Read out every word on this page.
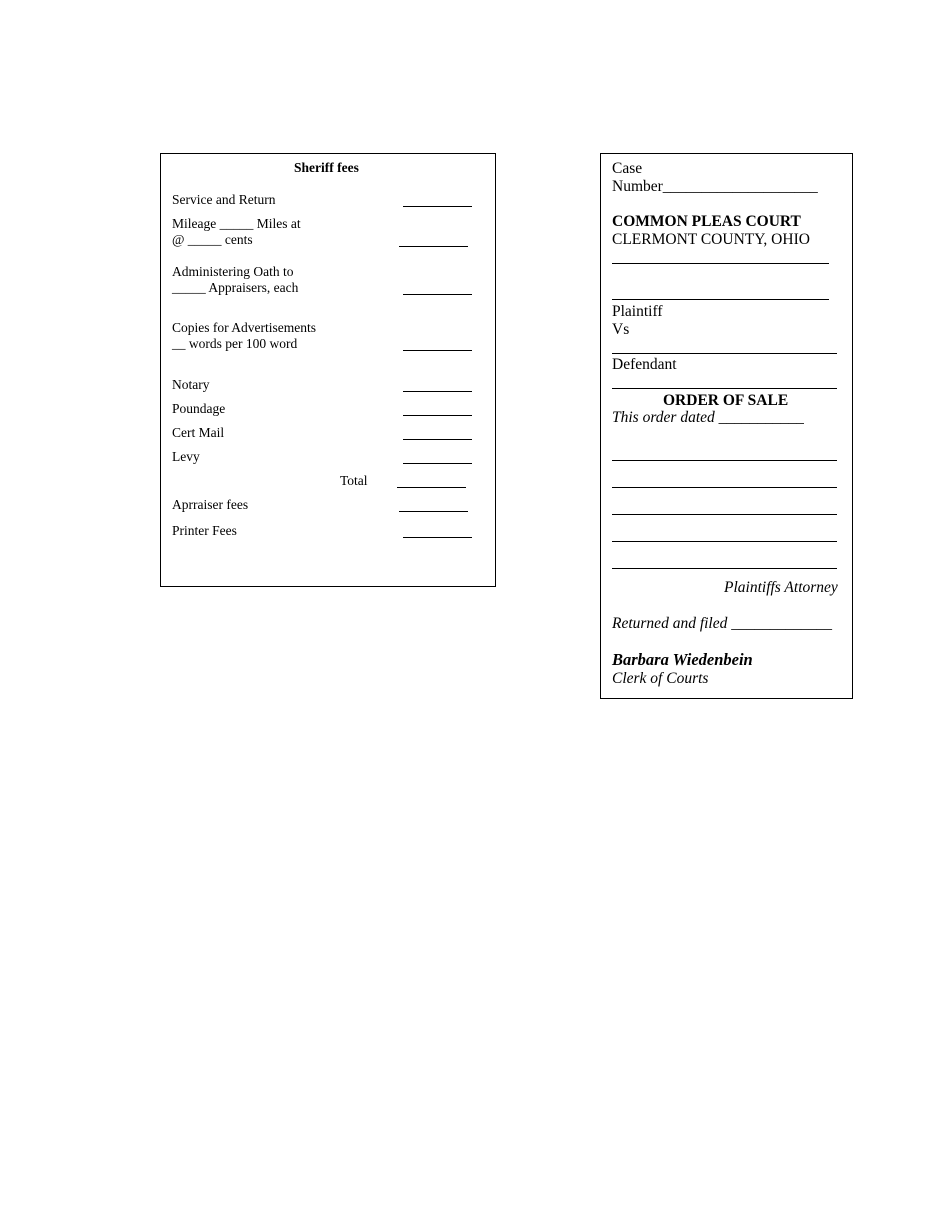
Sheriff fees
Service and Return
Mileage _____ Miles at
@ _____ cents
Administering Oath to
_____ Appraisers, each
Copies for Advertisements
__ words per 100 word
Notary
Poundage
Cert Mail
Levy
Total
Aprraiser fees
Printer Fees
Case
Number____________________
COMMON PLEAS COURT
CLERMONT COUNTY, OHIO
Plaintiff
Vs
Defendant
ORDER OF SALE
This order dated ___________
Plaintiffs Attorney
Returned and filed _____________
Barbara Wiedenbein
Clerk of Courts
